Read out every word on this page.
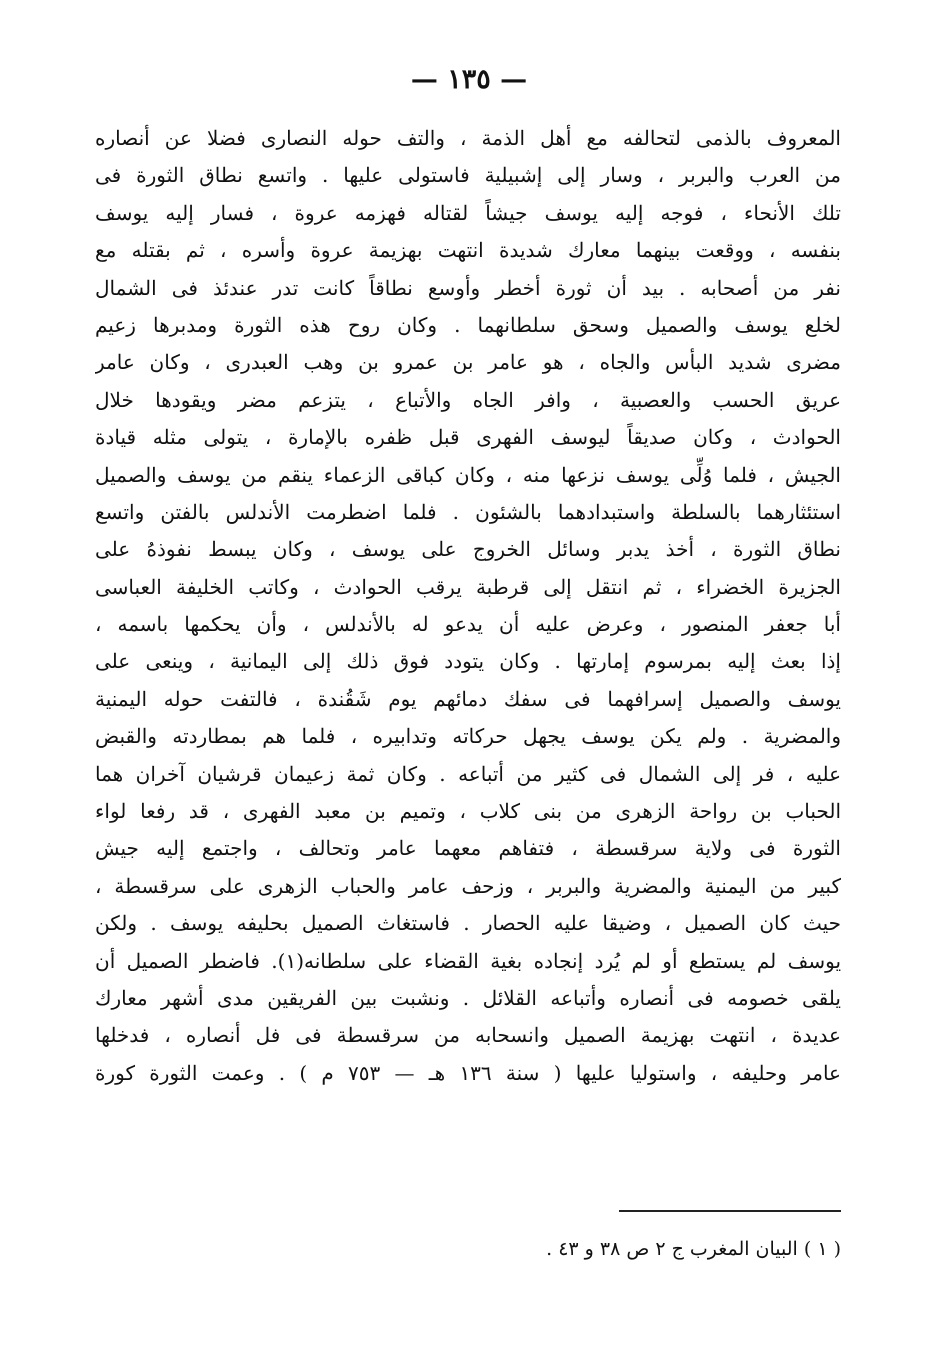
— ١٣٥ —
المعروف بالذمى لتحالفه مع أهل الذمة ، والتف حوله النصارى فضلا عن أنصاره
من العرب والبربر ، وسار إلى إشبيلية فاستولى عليها . واتسع نطاق الثورة فى
تلك الأنحاء ، فوجه إليه يوسف جيشاً لقتاله فهزمه عروة ، فسار إليه يوسف
بنفسه ، ووقعت بينهما معارك شديدة انتهت بهزيمة عروة وأسره ، ثم بقتله مع
نفر من أصحابه . بيد أن ثورة أخطر وأوسع نطاقاً كانت تدر عندئذ فى الشمال
لخلع يوسف والصميل وسحق سلطانهما . وكان روح هذه الثورة ومدبرها زعيم
مضرى شديد البأس والجاه ، هو عامر بن عمرو بن وهب العبدرى ، وكان عامر
عريق الحسب والعصبية ، وافر الجاه والأتباع ، يتزعم مضر ويقودها خلال
الحوادث ، وكان صديقاً ليوسف الفهرى قبل ظفره بالإمارة ، يتولى مثله قيادة
الجيش ، فلما وُلِّى يوسف نزعها منه ، وكان كباقى الزعماء ينقم من يوسف والصميل
استئثارهما بالسلطة واستبدادهما بالشئون . فلما اضطرمت الأندلس بالفتن واتسع
نطاق الثورة ، أخذ يدبر وسائل الخروج على يوسف ، وكان يبسط نفوذهُ على
الجزيرة الخضراء ، ثم انتقل إلى قرطبة يرقب الحوادث ، وكاتب الخليفة العباسى
أبا جعفر المنصور ، وعرض عليه أن يدعو له بالأندلس ، وأن يحكمها باسمه ،
إذا بعث إليه بمرسوم إمارتها . وكان يتودد فوق ذلك إلى اليمانية ، وينعى على
يوسف والصميل إسرافهما فى سفك دمائهم يوم شَقُندة ، فالتفت حوله اليمنية
والمضرية . ولم يكن يوسف يجهل حركاته وتدابيره ، فلما هم بمطاردته والقبض
عليه ، فر إلى الشمال فى كثير من أتباعه . وكان ثمة زعيمان قرشيان آخران هما
الحباب بن رواحة الزهرى من بنى كلاب ، وتميم بن معبد الفهرى ، قد رفعا لواء
الثورة فى ولاية سرقسطة ، فتفاهم معهما عامر وتحالف ، واجتمع إليه جيش
كبير من اليمنية والمضرية والبربر ، وزحف عامر والحباب الزهرى على سرقسطة ،
حيث كان الصميل ، وضيقا عليه الحصار . فاستغاث الصميل بحليفه يوسف . ولكن
يوسف لم يستطع أو لم يُرد إنجاده بغية القضاء على سلطانه(١). فاضطر الصميل أن
يلقى خصومه فى أنصاره وأتباعه القلائل . ونشبت بين الفريقين مدى أشهر معارك
عديدة ، انتهت بهزيمة الصميل وانسحابه من سرقسطة فى فل أنصاره ، فدخلها
عامر وحليفه ، واستوليا عليها ( سنة ١٣٦ هـ — ٧٥٣ م ) . وعمت الثورة كورة
( ١ ) البيان المغرب ج ٢ ص ٣٨ و ٤٣ .
